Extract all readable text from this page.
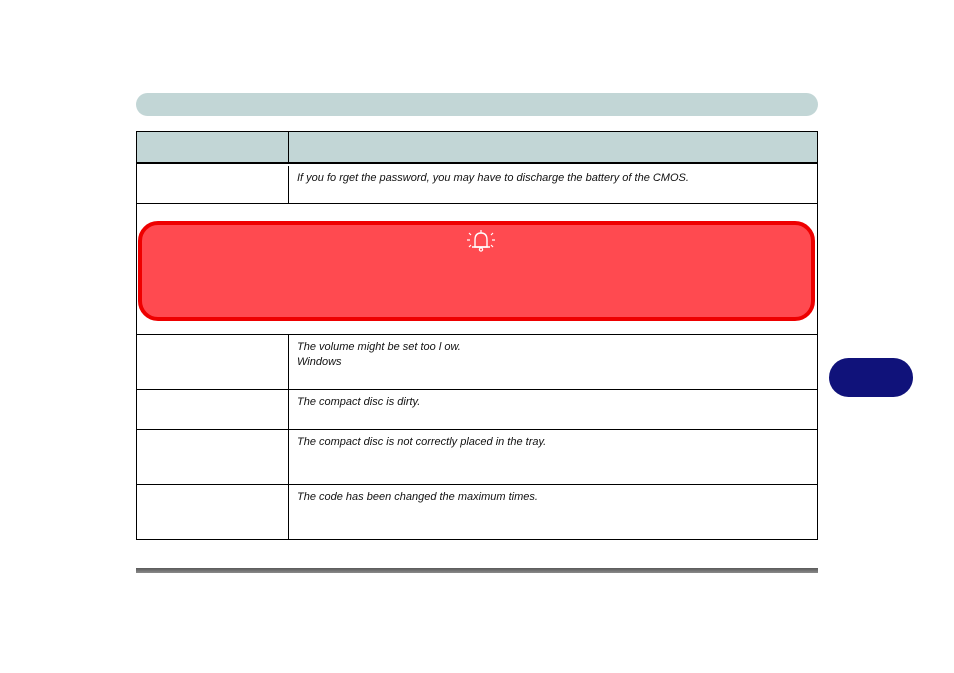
If you fo rget the password, you may have to discharge the battery of the CMOS.
The volume might be set too l ow.
Windows
The compact disc is dirty.
The compact disc is not correctly placed in the tray.
The code has been changed the maximum times.
